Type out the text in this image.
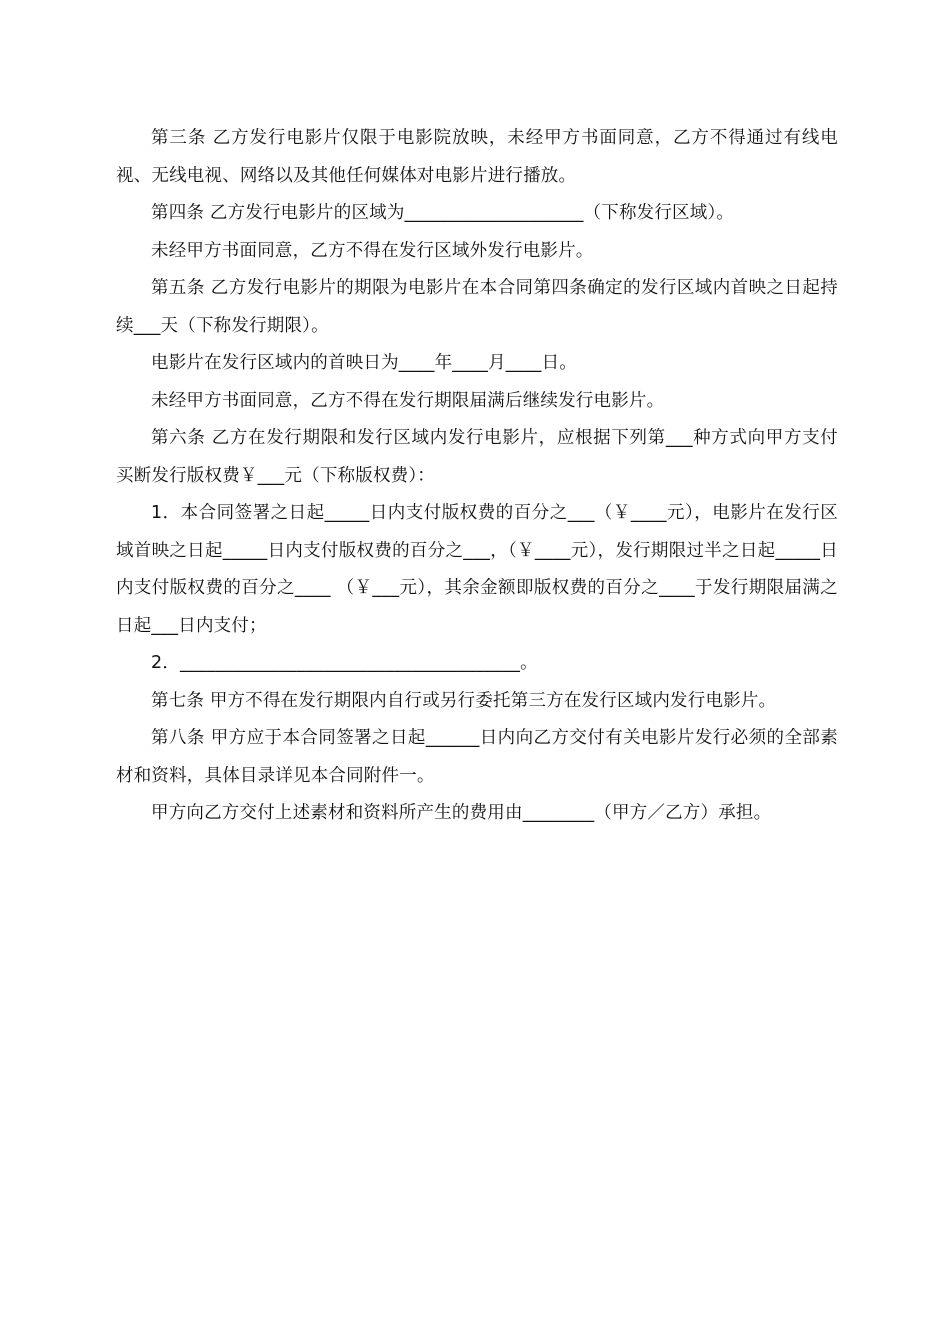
第三条 乙方发行电影片仅限于电影院放映，未经甲方书面同意，乙方不得通过有线电视、无线电视、网络以及其他任何媒体对电影片进行播放。

第四条 乙方发行电影片的区域为____________________（下称发行区域）。

未经甲方书面同意，乙方不得在发行区域外发行电影片。

第五条 乙方发行电影片的期限为电影片在本合同第四条确定的发行区域内首映之日起持续___天（下称发行期限）。

电影片在发行区域内的首映日为____年____月____日。

未经甲方书面同意，乙方不得在发行期限届满后继续发行电影片。

第六条 乙方在发行期限和发行区域内发行电影片，应根据下列第___种方式向甲方支付买断发行版权费￥___元（下称版权费）：

1．本合同签署之日起_____日内支付版权费的百分之___（￥____元），电影片在发行区域首映之日起_____日内支付版权费的百分之___，（￥____元），发行期限过半之日起_____日内支付版权费的百分之____ （￥___元），其余金额即版权费的百分之____于发行期限届满之日起___日内支付；

2．______________________________________。

第七条 甲方不得在发行期限内自行或另行委托第三方在发行区域内发行电影片。

第八条 甲方应于本合同签署之日起______日内向乙方交付有关电影片发行必须的全部素材和资料，具体目录详见本合同附件一。

甲方向乙方交付上述素材和资料所产生的费用由________（甲方／乙方）承担。
